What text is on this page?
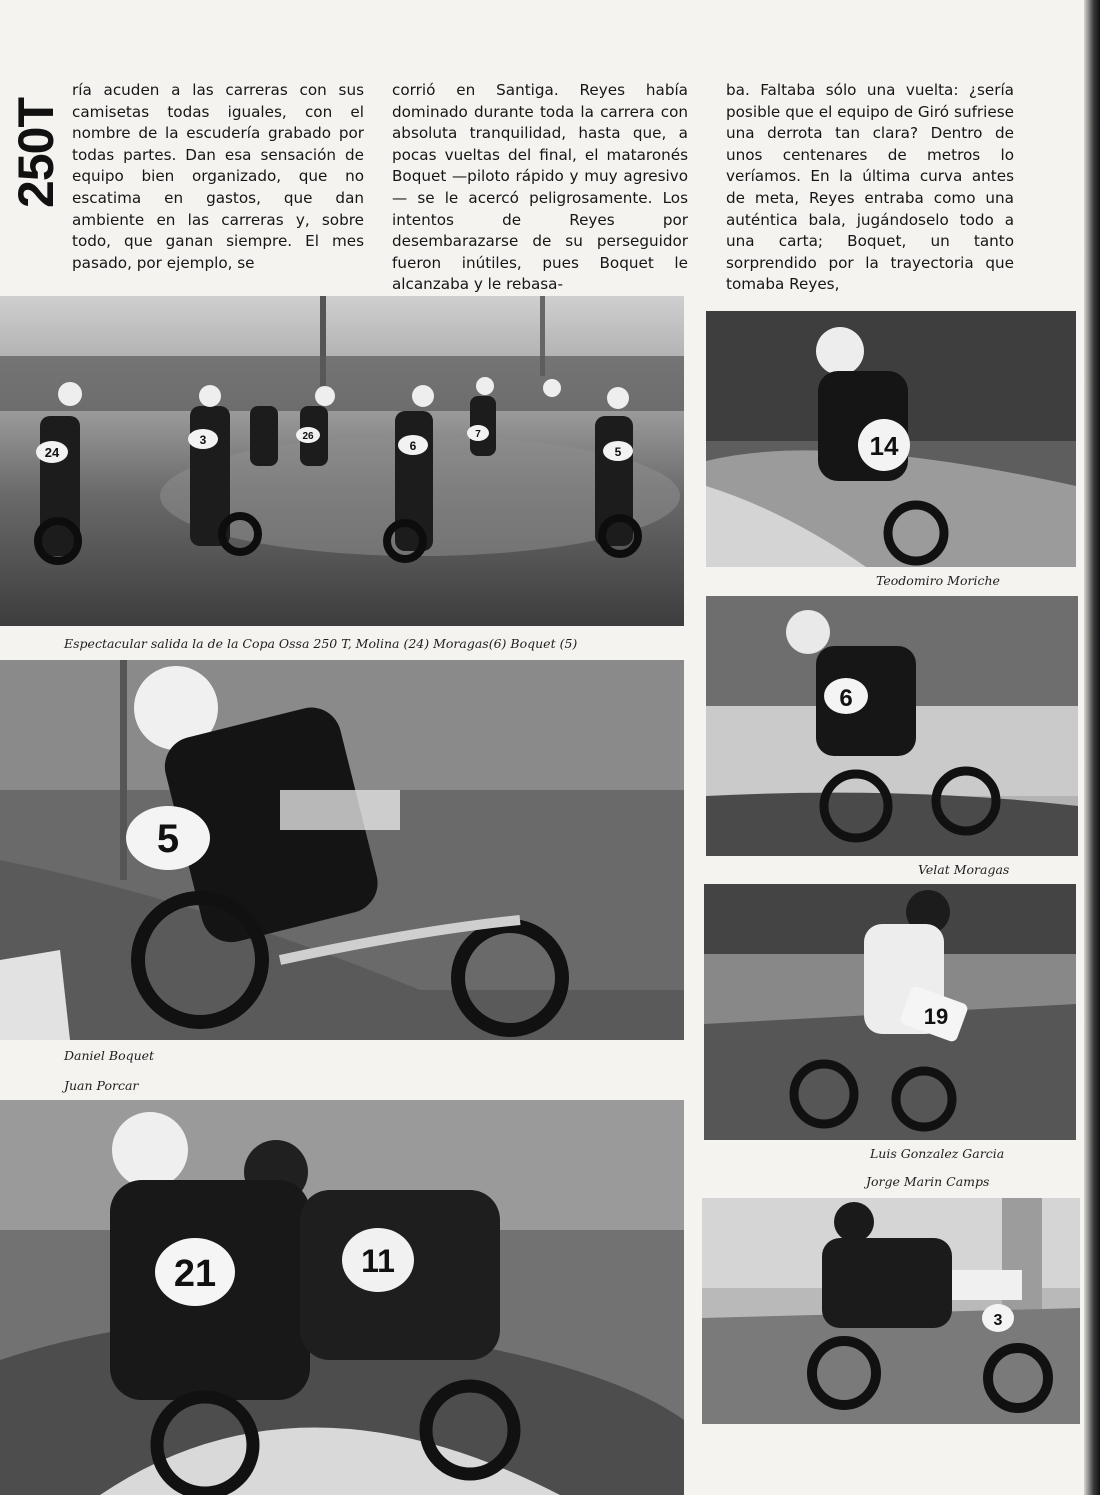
250T

ría acuden a las carreras con sus camisetas todas iguales, con el nombre de la escudería grabado por todas partes. Dan esa sensación de equipo bien organizado, que no escatima en gastos, que dan ambiente en las carreras y, sobre todo, que ganan siempre. El mes pasado, por ejemplo, se

corrió en Santiga. Reyes había dominado durante toda la carrera con absoluta tranquilidad, hasta que, a pocas vueltas del final, el mataronés Boquet —piloto rápido y muy agresivo— se le acercó peligrosamente. Los intentos de Reyes por desembarazarse de su perseguidor fueron inútiles, pues Boquet le alcanzaba y le rebasa-

ba. Faltaba sólo una vuelta: ¿sería posible que el equipo de Giró sufriese una derrota tan clara? Dentro de unos centenares de metros lo veríamos. En la última curva antes de meta, Reyes entraba como una auténtica bala, jugándoselo todo a una carta; Boquet, un tanto sorprendido por la trayectoria que tomaba Reyes,

24
3	26
6
7
5
Espectacular salida la de la Copa Ossa 250 T, Molina (24) Moragas(6) Boquet (5)
14
Teodomiro Moriche
5
Daniel Boquet
Juan Porcar
6
Velat Moragas
19
Luis Gonzalez Garcia
Jorge Marin Camps
21	11
3
